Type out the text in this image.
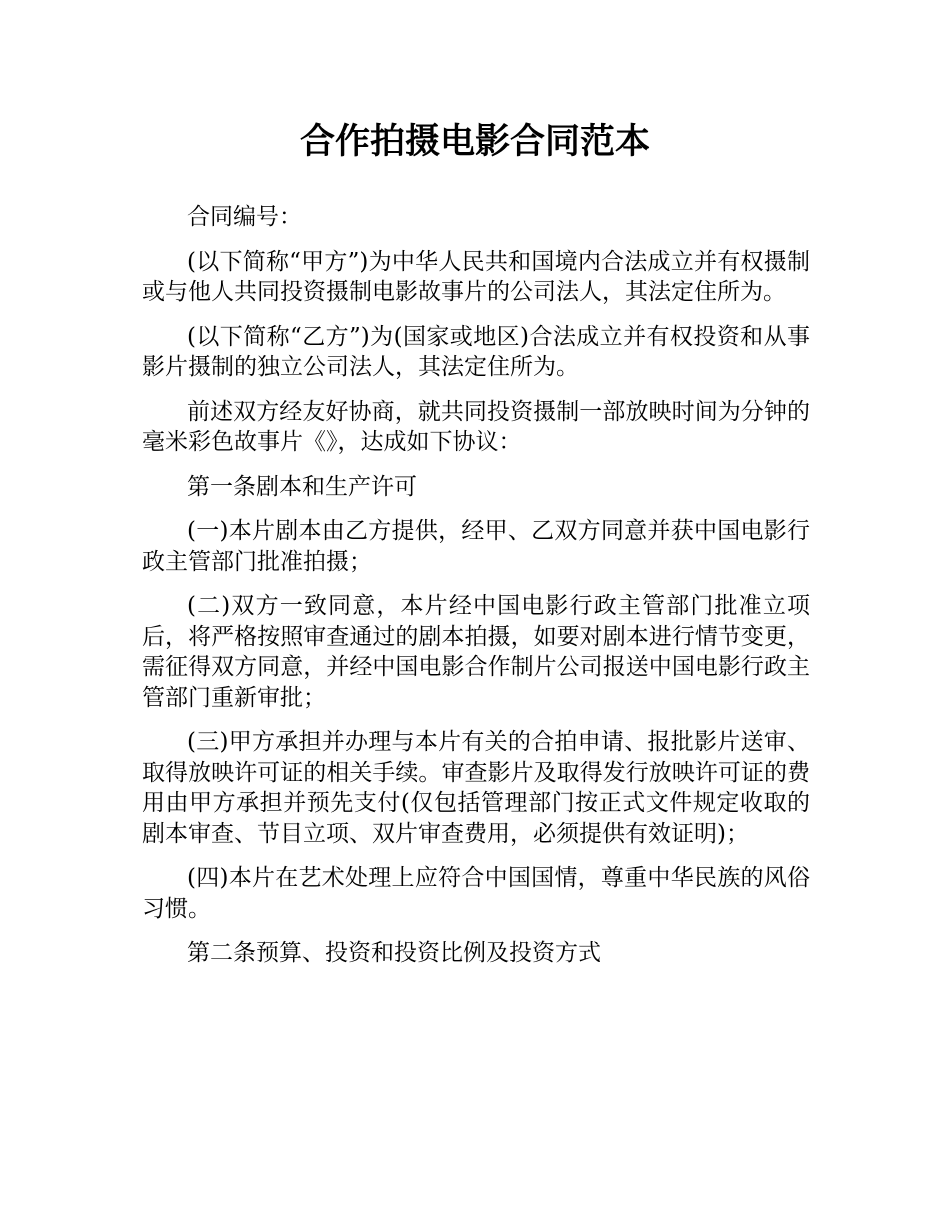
合作拍摄电影合同范本

合同编号：

(以下简称“甲方”)为中华人民共和国境内合法成立并有权摄制或与他人共同投资摄制电影故事片的公司法人，其法定住所为。

(以下简称“乙方”)为(国家或地区)合法成立并有权投资和从事影片摄制的独立公司法人，其法定住所为。

前述双方经友好协商，就共同投资摄制一部放映时间为分钟的毫米彩色故事片《》，达成如下协议：

第一条剧本和生产许可

(一)本片剧本由乙方提供，经甲、乙双方同意并获中国电影行政主管部门批准拍摄；

(二)双方一致同意，本片经中国电影行政主管部门批准立项后，将严格按照审查通过的剧本拍摄，如要对剧本进行情节变更，需征得双方同意，并经中国电影合作制片公司报送中国电影行政主管部门重新审批；

(三)甲方承担并办理与本片有关的合拍申请、报批影片送审、取得放映许可证的相关手续。审查影片及取得发行放映许可证的费用由甲方承担并预先支付(仅包括管理部门按正式文件规定收取的剧本审查、节目立项、双片审查费用，必须提供有效证明)；

(四)本片在艺术处理上应符合中国国情，尊重中华民族的风俗习惯。

第二条预算、投资和投资比例及投资方式
